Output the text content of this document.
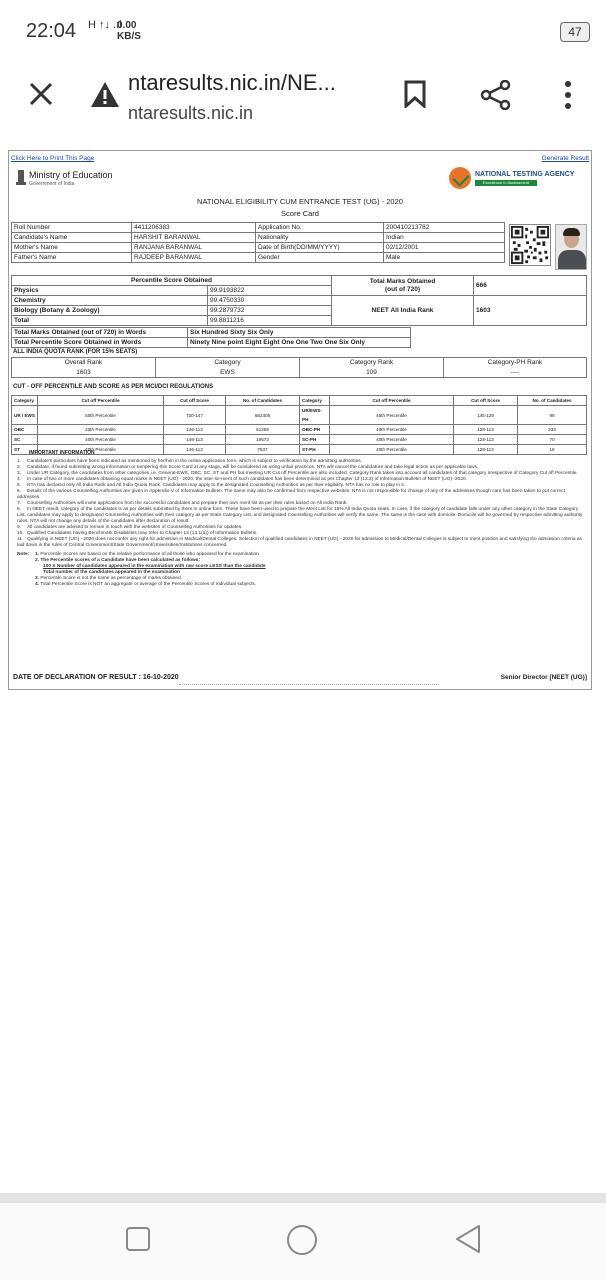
22:04 H ↑↓ .ıl
0.00
KB/S	47
ntaresults.nic.in/NE...
ntaresults.nic.in
Click Here to Print This Page	Generate Result
Ministry of Education
Government of India
NATIONAL TESTING AGENCY
Excellence in Assessment
NATIONAL ELIGIBILITY CUM ENTRANCE TEST (UG) - 2020
Score Card
Roll Number	4411206383	Application No.	200410213782
Candidate's Name	HARSHIT BARANWAL	Nationality	Indian
Mother's Name	RANJANA BARANWAL	Date of Birth(DD/MM/YYYY)	02/12/2001
Father's Name	RAJDEEP BARANWAL	Gender	Male
Percentile Score Obtained		Total Marks Obtained
(out of 720)	666
Physics	99.9193822		
Chemistry	99.4750330	NEET All India Rank	1603
Biology (Botany & Zoology)	99.2879732		
Total	99.8811216		
Total Marks Obtained (out of 720) in Words	Six Hundred Sixty Six Only
Total Percentile Score Obtained in Words	Ninety Nine point Eight Eight One One Two One Six Only
ALL INDIA QUOTA RANK (FOR 15% SEATS)
Overall Rank	Category	Category Rank	Category-PH Rank
1603	EWS	109	----
CUT - OFF PERCENTILE AND SCORE AS PER MCI/DCI REGULATIONS
Category	Cut off Percentile	Cut off Score	No. of Candidates	Category	Cut off Percentile	Cut off Score	No. of Candidates
UR / EWS	50th Percentile	720-147	682406	UR/EWS-PH	45th Percentile	146-129	99
OBC	40th Percentile	146-113	61265	OBC-PH	40th Percentile	128-113	233
SC	40th Percentile	146-113	19572	SC-PH	40th Percentile	128-113	70
ST	40th Percentile	146-113	7837	ST-PH	40th Percentile	128-113	18
IMPORTANT INFORMATION
1. Candidate's particulars have been indicated as mentioned by her/him in the online application form, which is subject to verification by the admitting authorities.
2. Candidate, if found submitting wrong information or tampering this Score Card at any stage, will be considered as using unfair practices. NTA will cancel the candidature and take legal action as per applicable laws.
3. Under UR Category, the candidates from other categories i.e. General-EWS, OBC, SC, ST and PH but meeting UR Cut off Percentile are also included. Category Rank takes into account all candidates of that category irrespective of Category Cut off Percentile.
4. In case of two or more candidates obtaining equal marks in NEET (UG) - 2020, the inter-se-merit of such candidates has been determined as per Chapter 13 (13.2) of Information Bulletin of NEET (UG) -2020.
5. NTA has declared only All India Rank and All India Quota Rank. Candidates may apply to the designated Counselling Authorities as per their eligibility. NTA has no role to play in it.
6. Details of the various Counselling Authorities are given in Appendix-V of Information Bulletin. The same may also be confirmed from respective websites. NTA is not responsible for change of any of the addresses though care has been taken to put correct addresses.
7. Counselling Authorities will invite applications from the successful candidates and prepare their own merit list as per their rules based on All India Rank.
8. In NEET result, category of the candidates is as per details submitted by them in online form. These have been used to prepare the Merit List for 15% All India Quota seats. In case, if the category of candidate falls under any other category in the State Category List, candidates may apply to designated Counselling Authorities with their category as per State Category List, and designated Counselling Authorities will verify the same. The same is the case with domicile. Domicile will be governed by respective admitting authority rules. NTA will not change any details of the candidates after declaration of result.
9. All candidates are advised to remain in touch with the websites of Counselling Authorities for updates.
10. Qualified Candidates having Benchmark Disabilities may refer to Chapter 13 (13.1(a)) of Information Bulletin.
11. Qualifying in NEET (UG) - 2020 does not confer any right for admission in Medical/Dental Colleges. Selection of qualified candidates in NEET (UG) - 2020 for admission to Medical/Dental Colleges is subject to merit position and satisfying the admission criteria as laid down in the rules of Central Government/State Government/Universities/Institutions concerned.
Note: 1. Percentile Scores are based on the relative performance of all those who appeared for the examination.
2. The Percentile scores of a Candidate have been calculated as follows:
100 X Number of candidates appeared in the examination with raw score LESS than the candidate
Total number of the candidates appeared in the examination
3. Percentile Score is not the same as percentage of marks obtained.
4. Total Percentile Score is NOT an aggregate or average of the Percentile Scores of individual subjects.
DATE OF DECLARATION OF RESULT : 16-10-2020	Senior Director [NEET (UG)]
